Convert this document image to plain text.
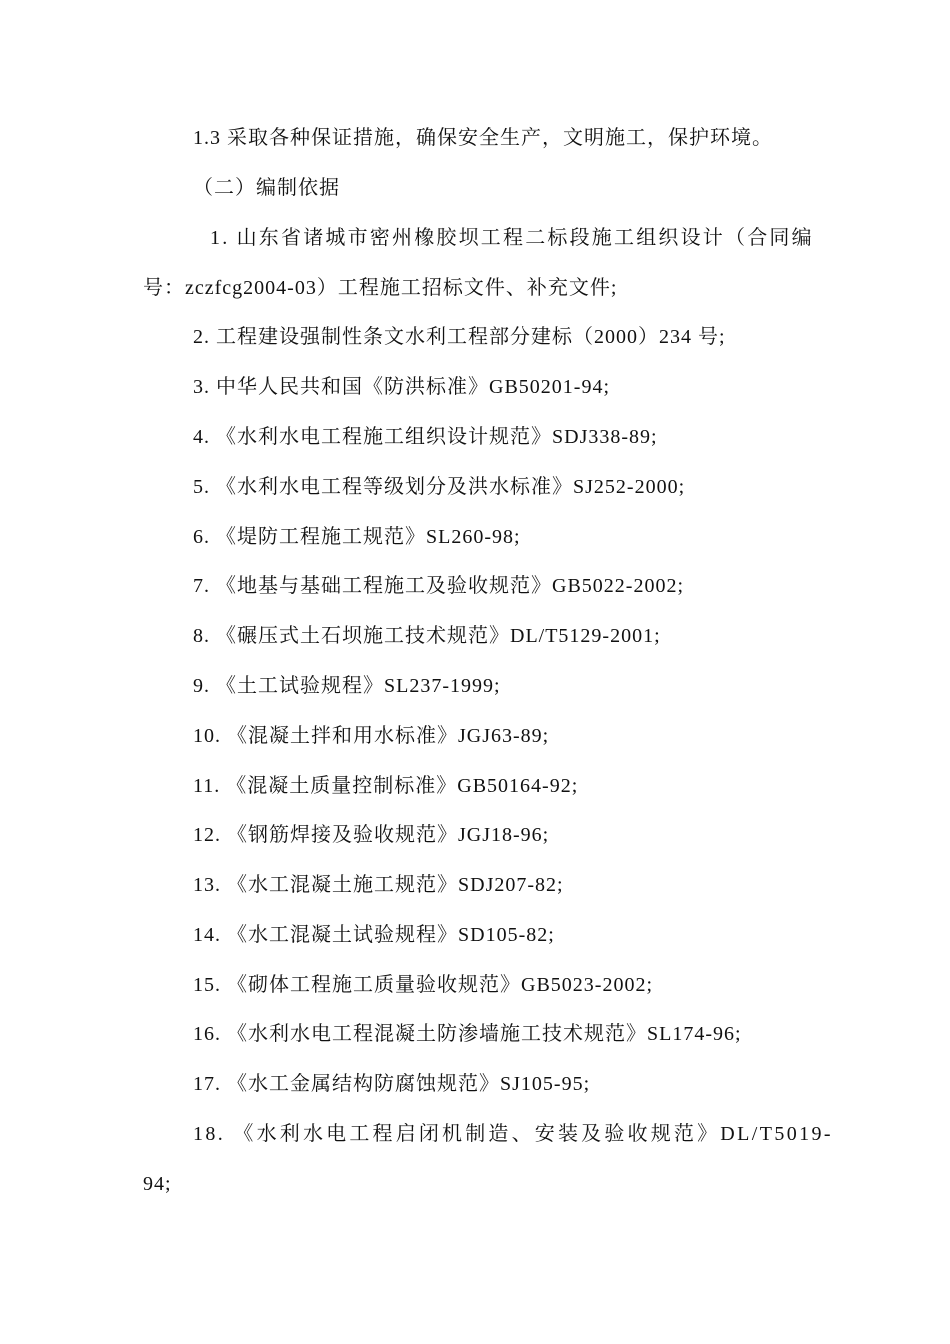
1.3 采取各种保证措施，确保安全生产，文明施工，保护环境。
（二）编制依据
1. 山东省诸城市密州橡胶坝工程二标段施工组织设计（合同编
号：zczfcg2004-03）工程施工招标文件、补充文件;
2. 工程建设强制性条文水利工程部分建标（2000）234 号;
3. 中华人民共和国《防洪标准》GB50201-94;
4. 《水利水电工程施工组织设计规范》SDJ338-89;
5. 《水利水电工程等级划分及洪水标准》SJ252-2000;
6. 《堤防工程施工规范》SL260-98;
7. 《地基与基础工程施工及验收规范》GB5022-2002;
8. 《碾压式土石坝施工技术规范》DL/T5129-2001;
9. 《土工试验规程》SL237-1999;
10. 《混凝土拌和用水标准》JGJ63-89;
11. 《混凝土质量控制标准》GB50164-92;
12. 《钢筋焊接及验收规范》JGJ18-96;
13. 《水工混凝土施工规范》SDJ207-82;
14. 《水工混凝土试验规程》SD105-82;
15. 《砌体工程施工质量验收规范》GB5023-2002;
16. 《水利水电工程混凝土防渗墙施工技术规范》SL174-96;
17. 《水工金属结构防腐蚀规范》SJ105-95;
18. 《水利水电工程启闭机制造、安装及验收规范》DL/T5019-
94;
